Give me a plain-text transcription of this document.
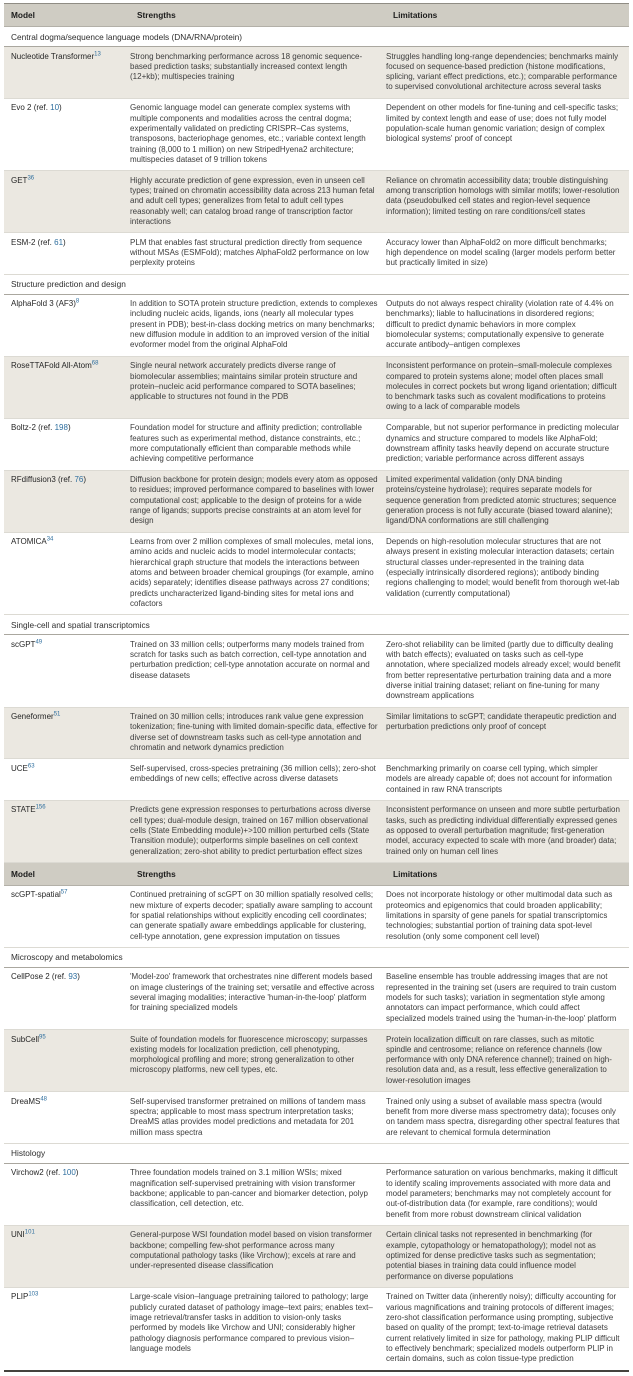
Model	Strengths	Limitations
Central dogma/sequence language models (DNA/RNA/protein)		
Nucleotide Transformer$^{13}$	Strong benchmarking performance across 18 genomic sequence-based prediction tasks; substantially increased context length (12+kb); multispecies training	Struggles handling long-range dependencies; benchmarks mainly focused on sequence-based prediction (histone modifications, splicing, variant effect predictions, etc.); comparable performance to supervised convolutional architecture across several tasks
Evo 2 (ref. 10)	Genomic language model can generate complex systems with multiple components and modalities across the central dogma; experimentally validated on predicting CRISPR–Cas systems, transposons, bacteriophage genomes, etc.; variable context length training (8,000 to 1 million) on new StripedHyena2 architecture; multispecies dataset of 9 trillion tokens	Dependent on other models for fine-tuning and cell-specific tasks; limited by context length and ease of use; does not fully model population-scale human genomic variation; design of complex biological systems' proof of concept
GET$^{36}$	Highly accurate prediction of gene expression, even in unseen cell types; trained on chromatin accessibility data across 213 human fetal and adult cell types; generalizes from fetal to adult cell types reasonably well; can catalog broad range of transcription factor interactions	Reliance on chromatin accessibility data; trouble distinguishing among transcription homologs with similar motifs; lower-resolution data (pseudobulked cell states and region-level sequence information); limited testing on rare conditions/cell states
ESM-2 (ref. 61)	PLM that enables fast structural prediction directly from sequence without MSAs (ESMFold); matches AlphaFold2 performance on low perplexity proteins	Accuracy lower than AlphaFold2 on more difficult benchmarks; high dependence on model scaling (larger models perform better but practically limited in size)
Structure prediction and design		
AlphaFold 3 (AF3)$^8$	In addition to SOTA protein structure prediction, extends to complexes including nucleic acids, ligands, ions (nearly all molecular types present in PDB); best-in-class docking metrics on many benchmarks; new diffusion module in addition to an improved version of the initial evoformer model from the original AlphaFold	Outputs do not always respect chirality (violation rate of 4.4% on benchmarks); liable to hallucinations in disordered regions; difficult to predict dynamic behaviors in more complex biomolecular systems; computationally expensive to generate accurate antibody–antigen complexes
RoseTTAFold All-Atom$^{68}$	Single neural network accurately predicts diverse range of biomolecular assemblies; maintains similar protein structure and protein–nucleic acid performance compared to SOTA baselines; applicable to structures not found in the PDB	Inconsistent performance on protein–small-molecule complexes compared to protein systems alone; model often places small molecules in correct pockets but wrong ligand orientation; difficult to benchmark tasks such as covalent modifications to proteins owing to a lack of comparable models
Boltz-2 (ref. 198)	Foundation model for structure and affinity prediction; controllable features such as experimental method, distance constraints, etc.; more computationally efficient than comparable methods while achieving competitive performance	Comparable, but not superior performance in predicting molecular dynamics and structure compared to models like AlphaFold; downstream affinity tasks heavily depend on accurate structure prediction; variable performance across different assays
RFdiffusion3 (ref. 76)	Diffusion backbone for protein design; models every atom as opposed to residues; improved performance compared to baselines with lower computational cost; applicable to the design of proteins for a wide range of ligands; supports precise constraints at an atom level for design	Limited experimental validation (only DNA binding proteins/cysteine hydrolase); requires separate models for sequence generation from predicted atomic structures; sequence generation process is not fully accurate (biased toward alanine); ligand/DNA conformations are still challenging
ATOMICA$^{34}$	Learns from over 2 million complexes of small molecules, metal ions, amino acids and nucleic acids to model intermolecular contacts; hierarchical graph structure that models the interactions between atoms and between broader chemical groupings (for example, amino acids) separately; identifies disease pathways across 27 conditions; predicts uncharacterized ligand-binding sites for metal ions and cofactors	Depends on high-resolution molecular structures that are not always present in existing molecular interaction datasets; certain structural classes under-represented in the training data (especially intrinsically disordered regions); antibody binding regions challenging to model; would benefit from thorough wet-lab validation (currently computational)
Single-cell and spatial transcriptomics		
scGPT$^{49}$	Trained on 33 million cells; outperforms many models trained from scratch for tasks such as batch correction, cell-type annotation and perturbation prediction; cell-type annotation accurate on normal and disease datasets	Zero-shot reliability can be limited (partly due to difficulty dealing with batch effects); evaluated on tasks such as cell-type annotation, where specialized models already excel; would benefit from better representative perturbation training data and a more diverse initial training dataset; reliant on fine-tuning for many downstream applications
Geneformer$^{51}$	Trained on 30 million cells; introduces rank value gene expression tokenization; fine-tuning with limited domain-specific data, effective for diverse set of downstream tasks such as cell-type annotation and chromatin and network dynamics prediction	Similar limitations to scGPT; candidate therapeutic prediction and perturbation predictions only proof of concept
UCE$^{63}$	Self-supervised, cross-species pretraining (36 million cells); zero-shot embeddings of new cells; effective across diverse datasets	Benchmarking primarily on coarse cell typing, which simpler models are already capable of; does not account for information contained in raw RNA transcripts
STATE$^{156}$	Predicts gene expression responses to perturbations across diverse cell types; dual-module design, trained on 167 million observational cells (State Embedding module)+>100 million perturbed cells (State Transition module); outperforms simple baselines on cell context generalization; zero-shot ability to predict perturbation effect sizes	Inconsistent performance on unseen and more subtle perturbation tasks, such as predicting individual differentially expressed genes as opposed to overall perturbation magnitude; first-generation model, accuracy expected to scale with more (and broader) data; trained only on human cell lines
Model	Strengths	Limitations
scGPT-spatial$^{57}$	Continued pretraining of scGPT on 30 million spatially resolved cells; new mixture of experts decoder; spatially aware sampling to account for spatial relationships without explicitly encoding cell coordinates; can generate spatially aware embeddings applicable for clustering, cell-type annotation, gene expression imputation on tissues	Does not incorporate histology or other multimodal data such as proteomics and epigenomics that could broaden applicability; limitations in sparsity of gene panels for spatial transcriptomics technologies; substantial portion of training data spot-level resolution (only some component cell level)
Microscopy and metabolomics		
CellPose 2 (ref. 93)	'Model-zoo' framework that orchestrates nine different models based on image clusterings of the training set; versatile and effective across several imaging modalities; interactive 'human-in-the-loop' platform for training specialized models	Baseline ensemble has trouble addressing images that are not represented in the training set (users are required to train custom models for such tasks); variation in segmentation style among annotators can impact performance, which could affect specialized models trained using the 'human-in-the-loop' platform
SubCell$^{95}$	Suite of foundation models for fluorescence microscopy; surpasses existing models for localization prediction, cell phenotyping, morphological profiling and more; strong generalization to other microscopy platforms, new cell types, etc.	Protein localization difficult on rare classes, such as mitotic spindle and centrosome; reliance on reference channels (low performance with only DNA reference channel); trained on high-resolution data and, as a result, less effective generalization to lower-resolution images
DreaMS$^{48}$	Self-supervised transformer pretrained on millions of tandem mass spectra; applicable to most mass spectrum interpretation tasks; DreaMS atlas provides model predictions and metadata for 201 million mass spectra	Trained only using a subset of available mass spectra (would benefit from more diverse mass spectrometry data); focuses only on tandem mass spectra, disregarding other spectral features that are relevant to chemical formula determination
Histology		
Virchow2 (ref. 100)	Three foundation models trained on 3.1 million WSIs; mixed magnification self-supervised pretraining with vision transformer backbone; applicable to pan-cancer and biomarker detection, polyp classification, cell detection, etc.	Performance saturation on various benchmarks, making it difficult to identify scaling improvements associated with more data and model parameters; benchmarks may not completely account for out-of-distribution data (for example, rare conditions); would benefit from more robust downstream clinical validation
UNI$^{101}$	General-purpose WSI foundation model based on vision transformer backbone; compelling few-shot performance across many computational pathology tasks (like Virchow); excels at rare and under-represented disease classification	Certain clinical tasks not represented in benchmarking (for example, cytopathology or hematopathology); model not as optimized for dense predictive tasks such as segmentation; potential biases in training data could influence model performance on diverse populations
PLIP$^{103}$	Large-scale vision–language pretraining tailored to pathology; large publicly curated dataset of pathology image–text pairs; enables text–image retrieval/transfer tasks in addition to vision-only tasks performed by models like Virchow and UNI; considerably higher pathology diagnosis performance compared to previous vision–language models	Trained on Twitter data (inherently noisy); difficulty accounting for various magnifications and training protocols of different images; zero-shot classification performance using prompting, subjective based on quality of the prompt; text-to-image retrieval datasets current relatively limited in size for pathology, making PLIP difficult to effectively benchmark; specialized models outperform PLIP in certain domains, such as colon tissue-type prediction
